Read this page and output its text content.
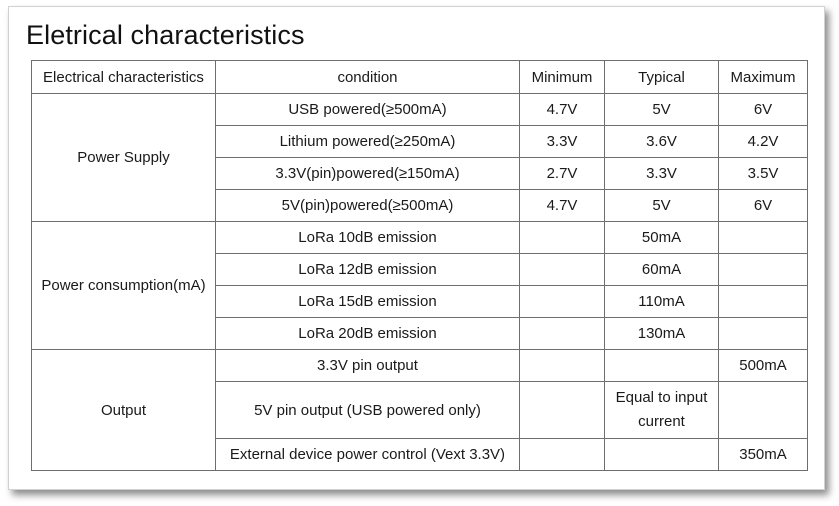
Eletrical characteristics
Electrical characteristics	condition	Minimum	Typical	Maximum
Power Supply	USB powered(≥500mA)	4.7V	5V	6V
	Lithium powered(≥250mA)	3.3V	3.6V	4.2V
	3.3V(pin)powered(≥150mA)	2.7V	3.3V	3.5V
	5V(pin)powered(≥500mA)	4.7V	5V	6V
Power consumption(mA)	LoRa 10dB emission		50mA	
	LoRa 12dB emission		60mA	
	LoRa 15dB emission		110mA	
	LoRa 20dB emission		130mA	
Output	3.3V pin output			500mA
	5V pin output (USB powered only)		Equal to input current	
	External device power control (Vext 3.3V)			350mA
